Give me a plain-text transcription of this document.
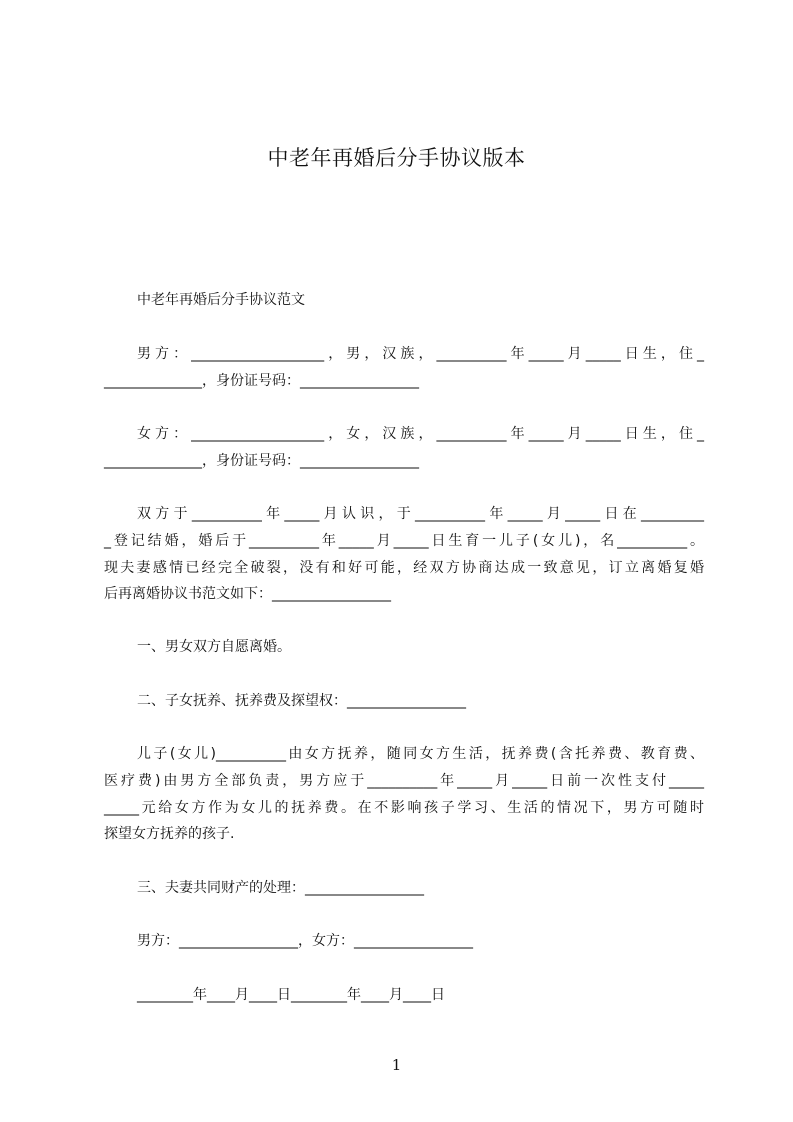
中老年再婚后分手协议版本

中老年再婚后分手协议范文

男方：___________________，男，汉族，__________年_____月_____日生，住_

______________，身份证号码：_________________

女方：___________________，女，汉族，__________年_____月_____日生，住_

______________，身份证号码：_________________

双方于__________年_____月认识，于__________年_____月_____日在_________

_登记结婚，婚后于__________年_____月_____日生育一儿子(女儿)，名__________。

现夫妻感情已经完全破裂，没有和好可能，经双方协商达成一致意见，订立离婚复婚

后再离婚协议书范文如下：_________________

一、男女双方自愿离婚。

二、子女抚养、抚养费及探望权：_________________

儿子(女儿)__________由女方抚养，随同女方生活，抚养费(含托养费、教育费、

医疗费)由男方全部负责，男方应于__________年_____月_____日前一次性支付_____

_____元给女方作为女儿的抚养费。在不影响孩子学习、生活的情况下，男方可随时

探望女方抚养的孩子.

三、夫妻共同财产的处理：_________________

男方：_________________，女方：_________________

________年____月____日________年____月____日

1
